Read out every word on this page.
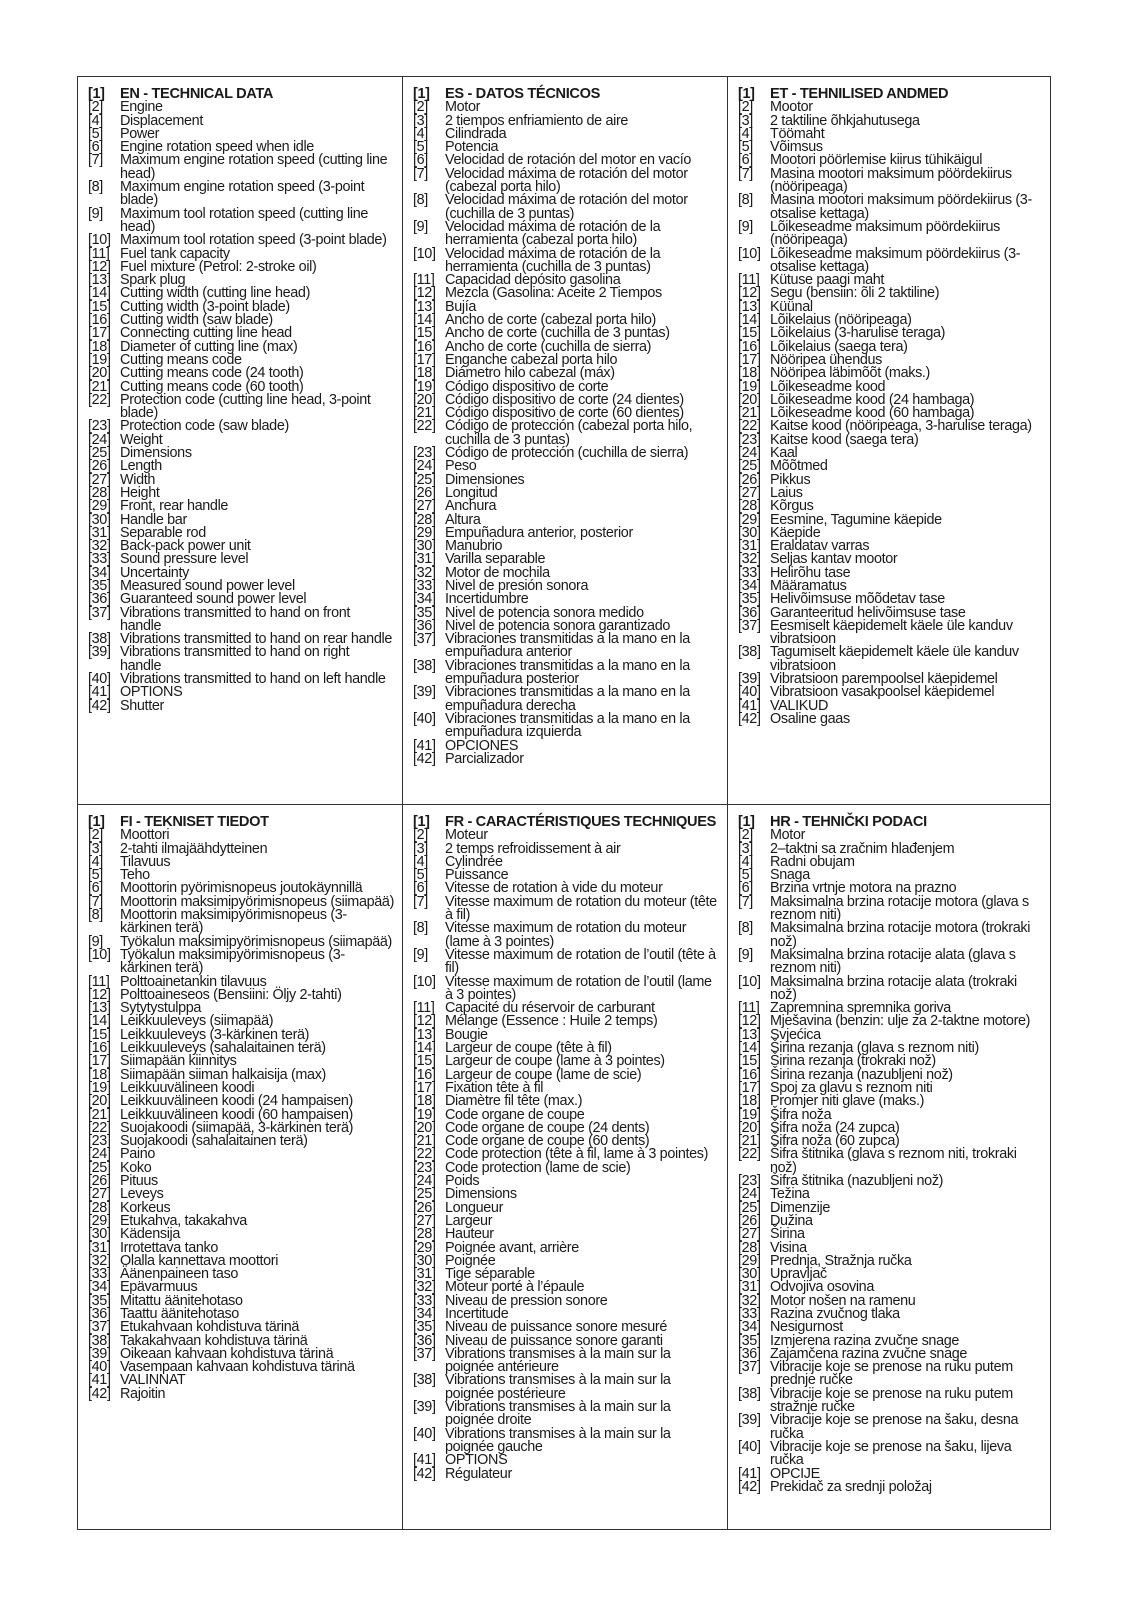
[1]	EN - TECHNICAL DATA
[2]	Engine
[4]	Displacement
[5]	Power
[6]	Engine rotation speed when idle
[7]	Maximum engine rotation speed (cutting line head)
[8]	Maximum engine rotation speed (3-point blade)
[9]	Maximum tool rotation speed (cutting line head)
[10] Maximum tool rotation speed (3-point blade)
[11] Fuel tank capacity
[12] Fuel mixture (Petrol: 2-stroke oil)
[13] Spark plug
[14] Cutting width (cutting line head)
[15] Cutting width (3-point blade)
[16] Cutting width (saw blade)
[17] Connecting cutting line head
[18] Diameter of cutting line (max)
[19] Cutting means code
[20] Cutting means code (24 tooth)
[21] Cutting means code (60 tooth)
[22] Protection code (cutting line head, 3-point blade)
[23] Protection code (saw blade)
[24] Weight
[25] Dimensions
[26] Length
[27] Width
[28] Height
[29] Front, rear handle
[30] Handle bar
[31] Separable rod
[32] Back-pack power unit
[33] Sound pressure level
[34] Uncertainty
[35] Measured sound power level
[36] Guaranteed sound power level
[37] Vibrations transmitted to hand on front handle
[38] Vibrations transmitted to hand on rear handle
[39] Vibrations transmitted to hand on right handle
[40] Vibrations transmitted to hand on left handle
[41] OPTIONS
[42] Shutter
[1]	ES - DATOS TÉCNICOS
[2]	Motor
[3]	2 tiempos enfriamiento de aire
[4]	Cilindrada
[5]	Potencia
[6]	Velocidad de rotación del motor en vacío
[7]	Velocidad máxima de rotación del motor (cabezal porta hilo)
[8]	Velocidad máxima de rotación del motor (cuchilla de 3 puntas)
[9]	Velocidad máxima de rotación de la herramienta (cabezal porta hilo)
[10] Velocidad máxima de rotación de la herramienta (cuchilla de 3 puntas)
[11] Capacidad depósito gasolina
[12] Mezcla (Gasolina: Aceite 2 Tiempos
[13] Bujía
[14] Ancho de corte (cabezal porta hilo)
[15] Ancho de corte (cuchilla de 3 puntas)
[16] Ancho de corte (cuchilla de sierra)
[17] Enganche cabezal porta hilo
[18] Diámetro hilo cabezal (máx)
[19] Código dispositivo de corte
[20] Código dispositivo de corte (24 dientes)
[21] Código dispositivo de corte (60 dientes)
[22] Código de protección (cabezal porta hilo, cuchilla de 3 puntas)
[23] Código de protección (cuchilla de sierra)
[24] Peso
[25] Dimensiones
[26] Longitud
[27] Anchura
[28] Altura
[29] Empuñadura anterior, posterior
[30] Manubrio
[31] Varilla separable
[32] Motor de mochila
[33] Nivel de presión sonora
[34] Incertidumbre
[35] Nivel de potencia sonora medido
[36] Nivel de potencia sonora garantizado
[37] Vibraciones transmitidas a la mano en la empuñadura anterior
[38] Vibraciones transmitidas a la mano en la empuñadura posterior
[39] Vibraciones transmitidas a la mano en la empuñadura derecha
[40] Vibraciones transmitidas a la mano en la empuñadura izquierda
[41] OPCIONES
[42] Parcializador
[1]	ET - TEHNILISED ANDMED
[2]	Mootor
[3]	2 taktiline õhkjahutusega
[4]	Töömaht
[5]	Võimsus
[6]	Mootori pöörlemise kiirus tühikäigul
[7]	Masina mootori maksimum pöördekiirus (nööripeaga)
[8]	Masina mootori maksimum pöördekiirus (3-otsalise kettaga)
[9]	Lõikeseadme maksimum pöördekiirus (nööripeaga)
[10] Lõikeseadme maksimum pöördekiirus (3-otsalise kettaga)
[11] Kütuse paagi maht
[12] Segu (bensiin: õli 2 taktiline)
[13] Küünal
[14] Lõikelaius (nööripeaga)
[15] Lõikelaius (3-harulise teraga)
[16] Lõikelaius (saega tera)
[17] Nööripea ühendus
[18] Nööripea läbimõõt (maks.)
[19] Lõikeseadme kood
[20] Lõikeseadme kood (24 hambaga)
[21] Lõikeseadme kood (60 hambaga)
[22] Kaitse kood (nööripeaga, 3-harulise teraga)
[23] Kaitse kood (saega tera)
[24] Kaal
[25] Mõõtmed
[26] Pikkus
[27] Laius
[28] Kõrgus
[29] Eesmine, Tagumine käepide
[30] Käepide
[31] Eraldatav varras
[32] Seljas kantav mootor
[33] Helirõhu tase
[34] Määramatus
[35] Helivõimsuse mõõdetav tase
[36] Garanteeritud helivõimsuse tase
[37] Eesmiselt käepidemelt käele üle kanduv vibratsioon
[38] Tagumiselt käepidemelt käele üle kanduv vibratsioon
[39] Vibratsioon parempoolsel käepidemel
[40] Vibratsioon vasakpoolsel käepidemel
[41] VALIKUD
[42] Osaline gaas
[1]	FI - TEKNISET TIEDOT
[2]	Moottori
[3]	2-tahti ilmajäähdytteinen
[4]	Tilavuus
[5]	Teho
[6]	Moottorin pyörimisnopeus joutokäynnillä
[7]	Moottorin maksimipyörimisnopeus (siimapää)
[8]	Moottorin maksimipyörimisnopeus (3-kärkinen terä)
[9]	Työkalun maksimipyörimisnopeus (siimapää)
[10] Työkalun maksimipyörimisnopeus (3-kärkinen terä)
[11] Polttoainetankin tilavuus
[12] Polttoaineseos (Bensiini: Öljy 2-tahti)
[13] Sytytystulppa
[14] Leikkuuleveys (siimapää)
[15] Leikkuuleveys (3-kärkinen terä)
[16] Leikkuuleveys (sahalaitainen terä)
[17] Siimapään kiinnitys
[18] Siimapään siiman halkaisija (max)
[19] Leikkuuvälineen koodi
[20] Leikkuuvälineen koodi (24 hampaisen)
[21] Leikkuuvälineen koodi (60 hampaisen)
[22] Suojakoodi (siimapää, 3-kärkinen terä)
[23] Suojakoodi (sahalaitainen terä)
[24] Paino
[25] Koko
[26] Pituus
[27] Leveys
[28] Korkeus
[29] Etukahva, takakahva
[30] Kädensija
[31] Irrotettava tanko
[32] Olalla kannettava moottori
[33] Äänenpaineen taso
[34] Epävarmuus
[35] Mitattu äänitehotaso
[36] Taattu äänitehotaso
[37] Etukahvaan kohdistuva tärinä
[38] Takakahvaan kohdistuva tärinä
[39] Oikeaan kahvaan kohdistuva tärinä
[40] Vasempaan kahvaan kohdistuva tärinä
[41] VALINNAT
[42] Rajoitin
[1]	FR - CARACTÉRISTIQUES TECHNIQUES
[2]	Moteur
[3]	2 temps refroidissement à air
[4]	Cylindrée
[5]	Puissance
[6]	Vitesse de rotation à vide du moteur
[7]	Vitesse maximum de rotation du moteur (tête à fil)
[8]	Vitesse maximum de rotation du moteur (lame à 3 pointes)
[9]	Vitesse maximum de rotation de l’outil (tête à fil)
[10] Vitesse maximum de rotation de l’outil (lame à 3 pointes)
[11] Capacité du réservoir de carburant
[12] Mélange (Essence : Huile 2 temps)
[13] Bougie
[14] Largeur de coupe (tête à fil)
[15] Largeur de coupe (lame à 3 pointes)
[16] Largeur de coupe (lame de scie)
[17] Fixation tête à fil
[18] Diamètre fil tête (max.)
[19] Code organe de coupe
[20] Code organe de coupe (24 dents)
[21] Code organe de coupe (60 dents)
[22] Code protection (tête à fil, lame à 3 pointes)
[23] Code protection (lame de scie)
[24] Poids
[25] Dimensions
[26] Longueur
[27] Largeur
[28] Hauteur
[29] Poignée avant, arrière
[30] Poignée
[31] Tige séparable
[32] Moteur porté à l’épaule
[33] Niveau de pression sonore
[34] Incertitude
[35] Niveau de puissance sonore mesuré
[36] Niveau de puissance sonore garanti
[37] Vibrations transmises à la main sur la poignée antérieure
[38] Vibrations transmises à la main sur la poignée postérieure
[39] Vibrations transmises à la main sur la poignée droite
[40] Vibrations transmises à la main sur la poignée gauche
[41] OPTIONS
[42] Régulateur
[1]	HR - TEHNIČKI PODACI
[2]	Motor
[3]	2–taktni sa zračnim hlađenjem
[4]	Radni obujam
[5]	Snaga
[6]	Brzina vrtnje motora na prazno
[7]	Maksimalna brzina rotacije motora (glava s reznom niti)
[8]	Maksimalna brzina rotacije motora (trokraki nož)
[9]	Maksimalna brzina rotacije alata (glava s reznom niti)
[10] Maksimalna brzina rotacije alata (trokraki nož)
[11] Zapremnina spremnika goriva
[12] Mješavina (benzin: ulje za 2-taktne motore)
[13] Svjećica
[14] Širina rezanja (glava s reznom niti)
[15] Širina rezanja (trokraki nož)
[16] Širina rezanja (nazubljeni nož)
[17] Spoj za glavu s reznom niti
[18] Promjer niti glave (maks.)
[19] Šifra noža
[20] Šifra noža (24 zupca)
[21] Šifra noža (60 zupca)
[22] Šifra štitnika (glava s reznom niti, trokraki nož)
[23] Šifra štitnika (nazubljeni nož)
[24] Težina
[25] Dimenzije
[26] Dužina
[27] Širina
[28] Visina
[29] Prednja, Stražnja ručka
[30] Upravljač
[31] Odvojiva osovina
[32] Motor nošen na ramenu
[33] Razina zvučnog tlaka
[34] Nesigurnost
[35] Izmjerena razina zvučne snage
[36] Zajamčena razina zvučne snage
[37] Vibracije koje se prenose na ruku putem prednje ručke
[38] Vibracije koje se prenose na ruku putem stražnje ručke
[39] Vibracije koje se prenose na šaku, desna ručka
[40] Vibracije koje se prenose na šaku, lijeva ručka
[41] OPCIJE
[42] Prekidač za srednji položaj
